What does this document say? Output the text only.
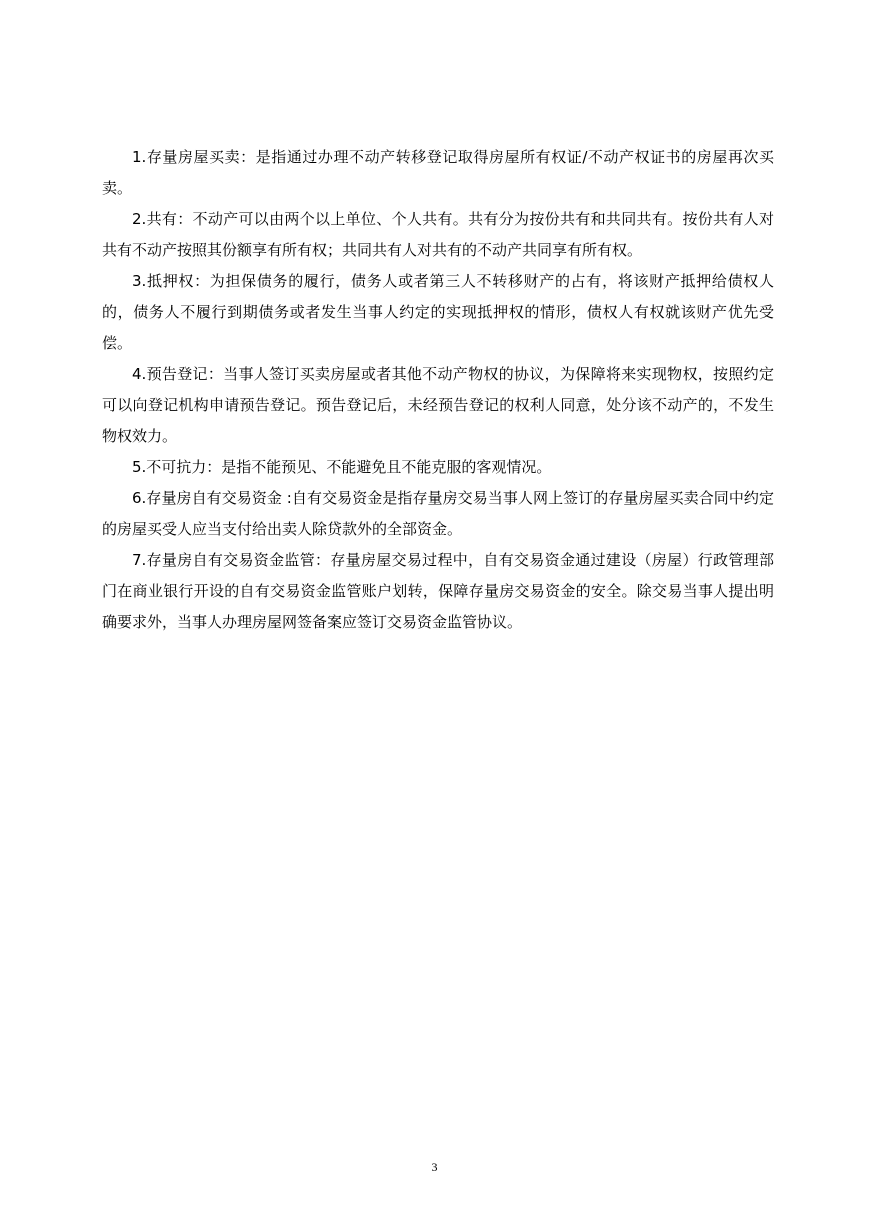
1.存量房屋买卖：是指通过办理不动产转移登记取得房屋所有权证/不动产权证书的房屋再次买卖。

2.共有：不动产可以由两个以上单位、个人共有。共有分为按份共有和共同共有。按份共有人对共有不动产按照其份额享有所有权；共同共有人对共有的不动产共同享有所有权。

3.抵押权：为担保债务的履行，债务人或者第三人不转移财产的占有，将该财产抵押给债权人的，债务人不履行到期债务或者发生当事人约定的实现抵押权的情形，债权人有权就该财产优先受偿。

4.预告登记：当事人签订买卖房屋或者其他不动产物权的协议，为保障将来实现物权，按照约定可以向登记机构申请预告登记。预告登记后，未经预告登记的权利人同意，处分该不动产的，不发生物权效力。

5.不可抗力：是指不能预见、不能避免且不能克服的客观情况。

6.存量房自有交易资金 :自有交易资金是指存量房交易当事人网上签订的存量房屋买卖合同中约定的房屋买受人应当支付给出卖人除贷款外的全部资金。

7.存量房自有交易资金监管：存量房屋交易过程中，自有交易资金通过建设（房屋）行政管理部门在商业银行开设的自有交易资金监管账户划转，保障存量房交易资金的安全。除交易当事人提出明确要求外，当事人办理房屋网签备案应签订交易资金监管协议。

3
